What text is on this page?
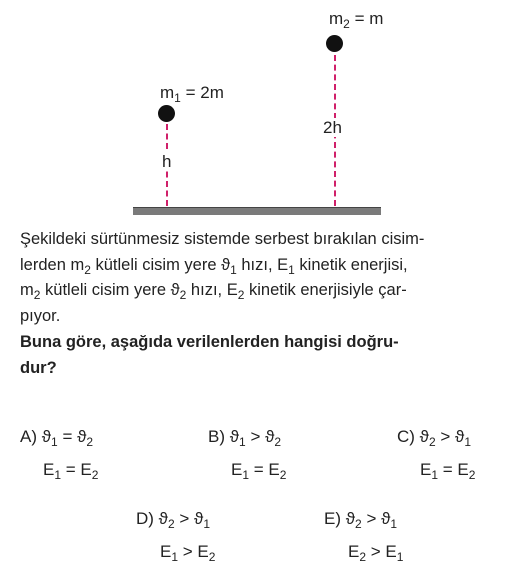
$m_2 = m$
2h
$m_1 = 2m$
h

Şekildeki sürtünmesiz sistemde serbest bırakılan cisim-

lerden $m_2$ kütleli cisim yere $ϑ_1$ hızı, $E_1$ kinetik enerjisi,

$m_2$ kütleli cisim yere $ϑ_2$ hızı, $E_2$ kinetik enerjisiyle çar-

pıyor.

Buna göre, aşağıda verilenlerden hangisi doğru-

dur?

A) $ϑ_1 = ϑ_2$
$E_1 = E_2$
B) $ϑ_1 > ϑ_2$
$E_1 = E_2$
C) $ϑ_2 > ϑ_1$
$E_1 = E_2$
D) $ϑ_2 > ϑ_1$
$E_1 > E_2$
E) $ϑ_2 > ϑ_1$
$E_2 > E_1$
